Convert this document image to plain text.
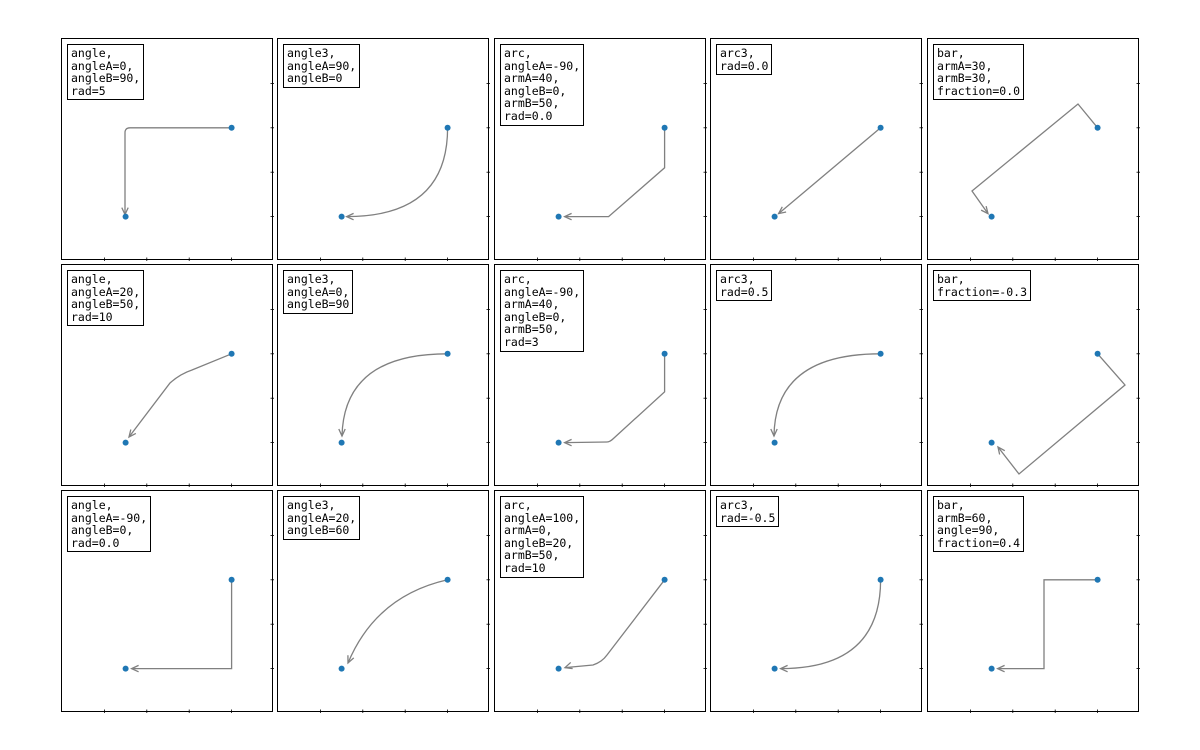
angle,
angleA=0,
angleB=90,
rad=5
angle3,
angleA=90,
angleB=0
arc,
angleA=-90,
armA=40,
angleB=0,
armB=50,
rad=0.0
arc3,
rad=0.0
bar,
armA=30,
armB=30,
fraction=0.0
angle,
angleA=20,
angleB=50,
rad=10
angle3,
angleA=0,
angleB=90
arc,
angleA=-90,
armA=40,
angleB=0,
armB=50,
rad=3
arc3,
rad=0.5
bar,
fraction=-0.3
angle,
angleA=-90,
angleB=0,
rad=0.0
angle3,
angleA=20,
angleB=60
arc,
angleA=100,
armA=0,
angleB=20,
armB=50,
rad=10
arc3,
rad=-0.5
bar,
armB=60,
angle=90,
fraction=0.4
